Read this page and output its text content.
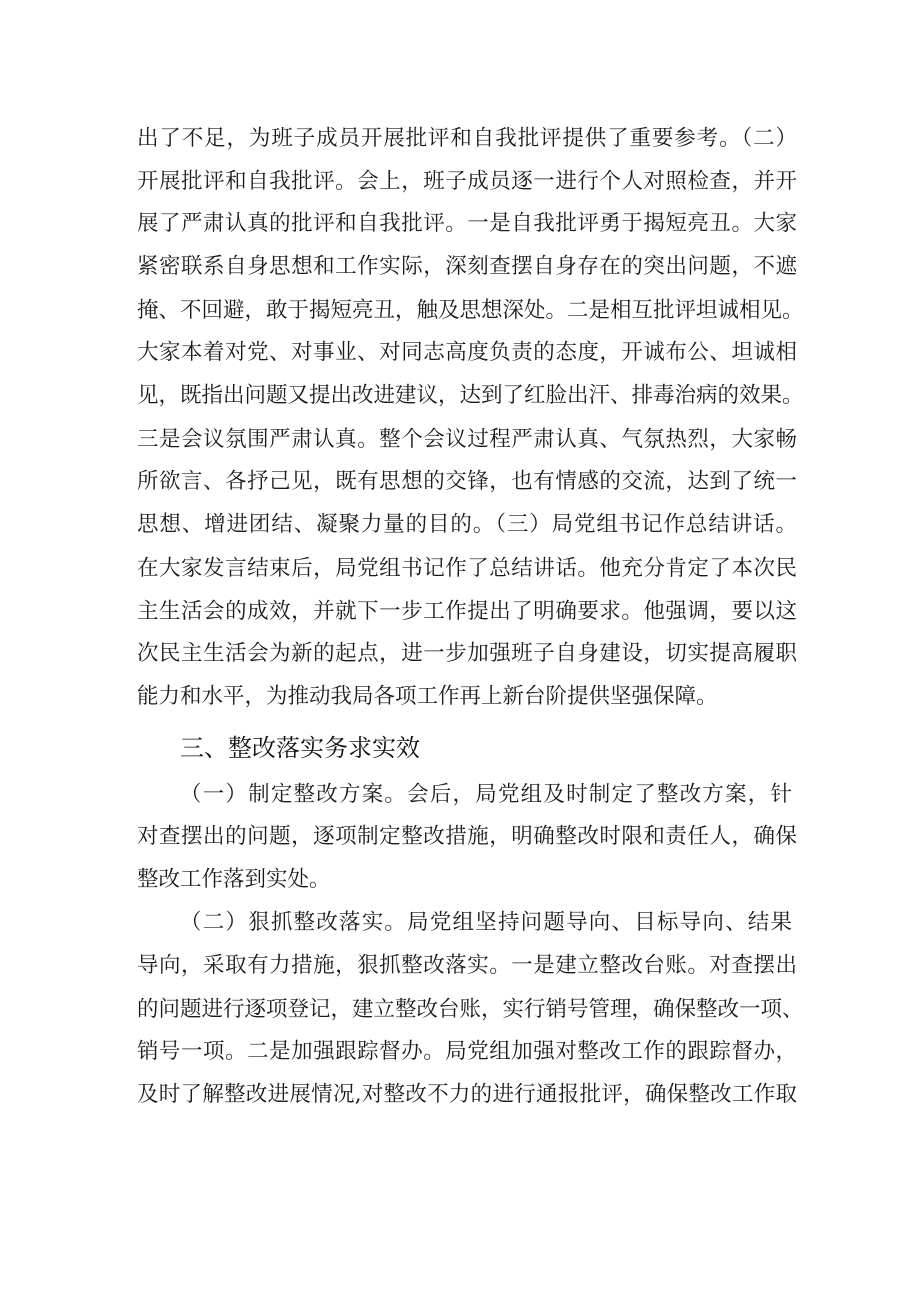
出了不足，为班子成员开展批评和自我批评提供了重要参考。（二）
开展批评和自我批评。会上，班子成员逐一进行个人对照检查，并开
展了严肃认真的批评和自我批评。一是自我批评勇于揭短亮丑。大家
紧密联系自身思想和工作实际，深刻查摆自身存在的突出问题，不遮
掩、不回避，敢于揭短亮丑，触及思想深处。二是相互批评坦诚相见。
大家本着对党、对事业、对同志高度负责的态度，开诚布公、坦诚相
见，既指出问题又提出改进建议，达到了红脸出汗、排毒治病的效果。
三是会议氛围严肃认真。整个会议过程严肃认真、气氛热烈，大家畅
所欲言、各抒己见，既有思想的交锋，也有情感的交流，达到了统一
思想、增进团结、凝聚力量的目的。（三）局党组书记作总结讲话。
在大家发言结束后，局党组书记作了总结讲话。他充分肯定了本次民
主生活会的成效，并就下一步工作提出了明确要求。他强调，要以这
次民主生活会为新的起点，进一步加强班子自身建设，切实提高履职
能力和水平，为推动我局各项工作再上新台阶提供坚强保障。
三、整改落实务求实效
（一）制定整改方案。会后，局党组及时制定了整改方案，针
对查摆出的问题，逐项制定整改措施，明确整改时限和责任人，确保
整改工作落到实处。
（二）狠抓整改落实。局党组坚持问题导向、目标导向、结果
导向，采取有力措施，狠抓整改落实。一是建立整改台账。对查摆出
的问题进行逐项登记，建立整改台账，实行销号管理，确保整改一项、
销号一项。二是加强跟踪督办。局党组加强对整改工作的跟踪督办，
及时了解整改进展情况,对整改不力的进行通报批评，确保整改工作取
